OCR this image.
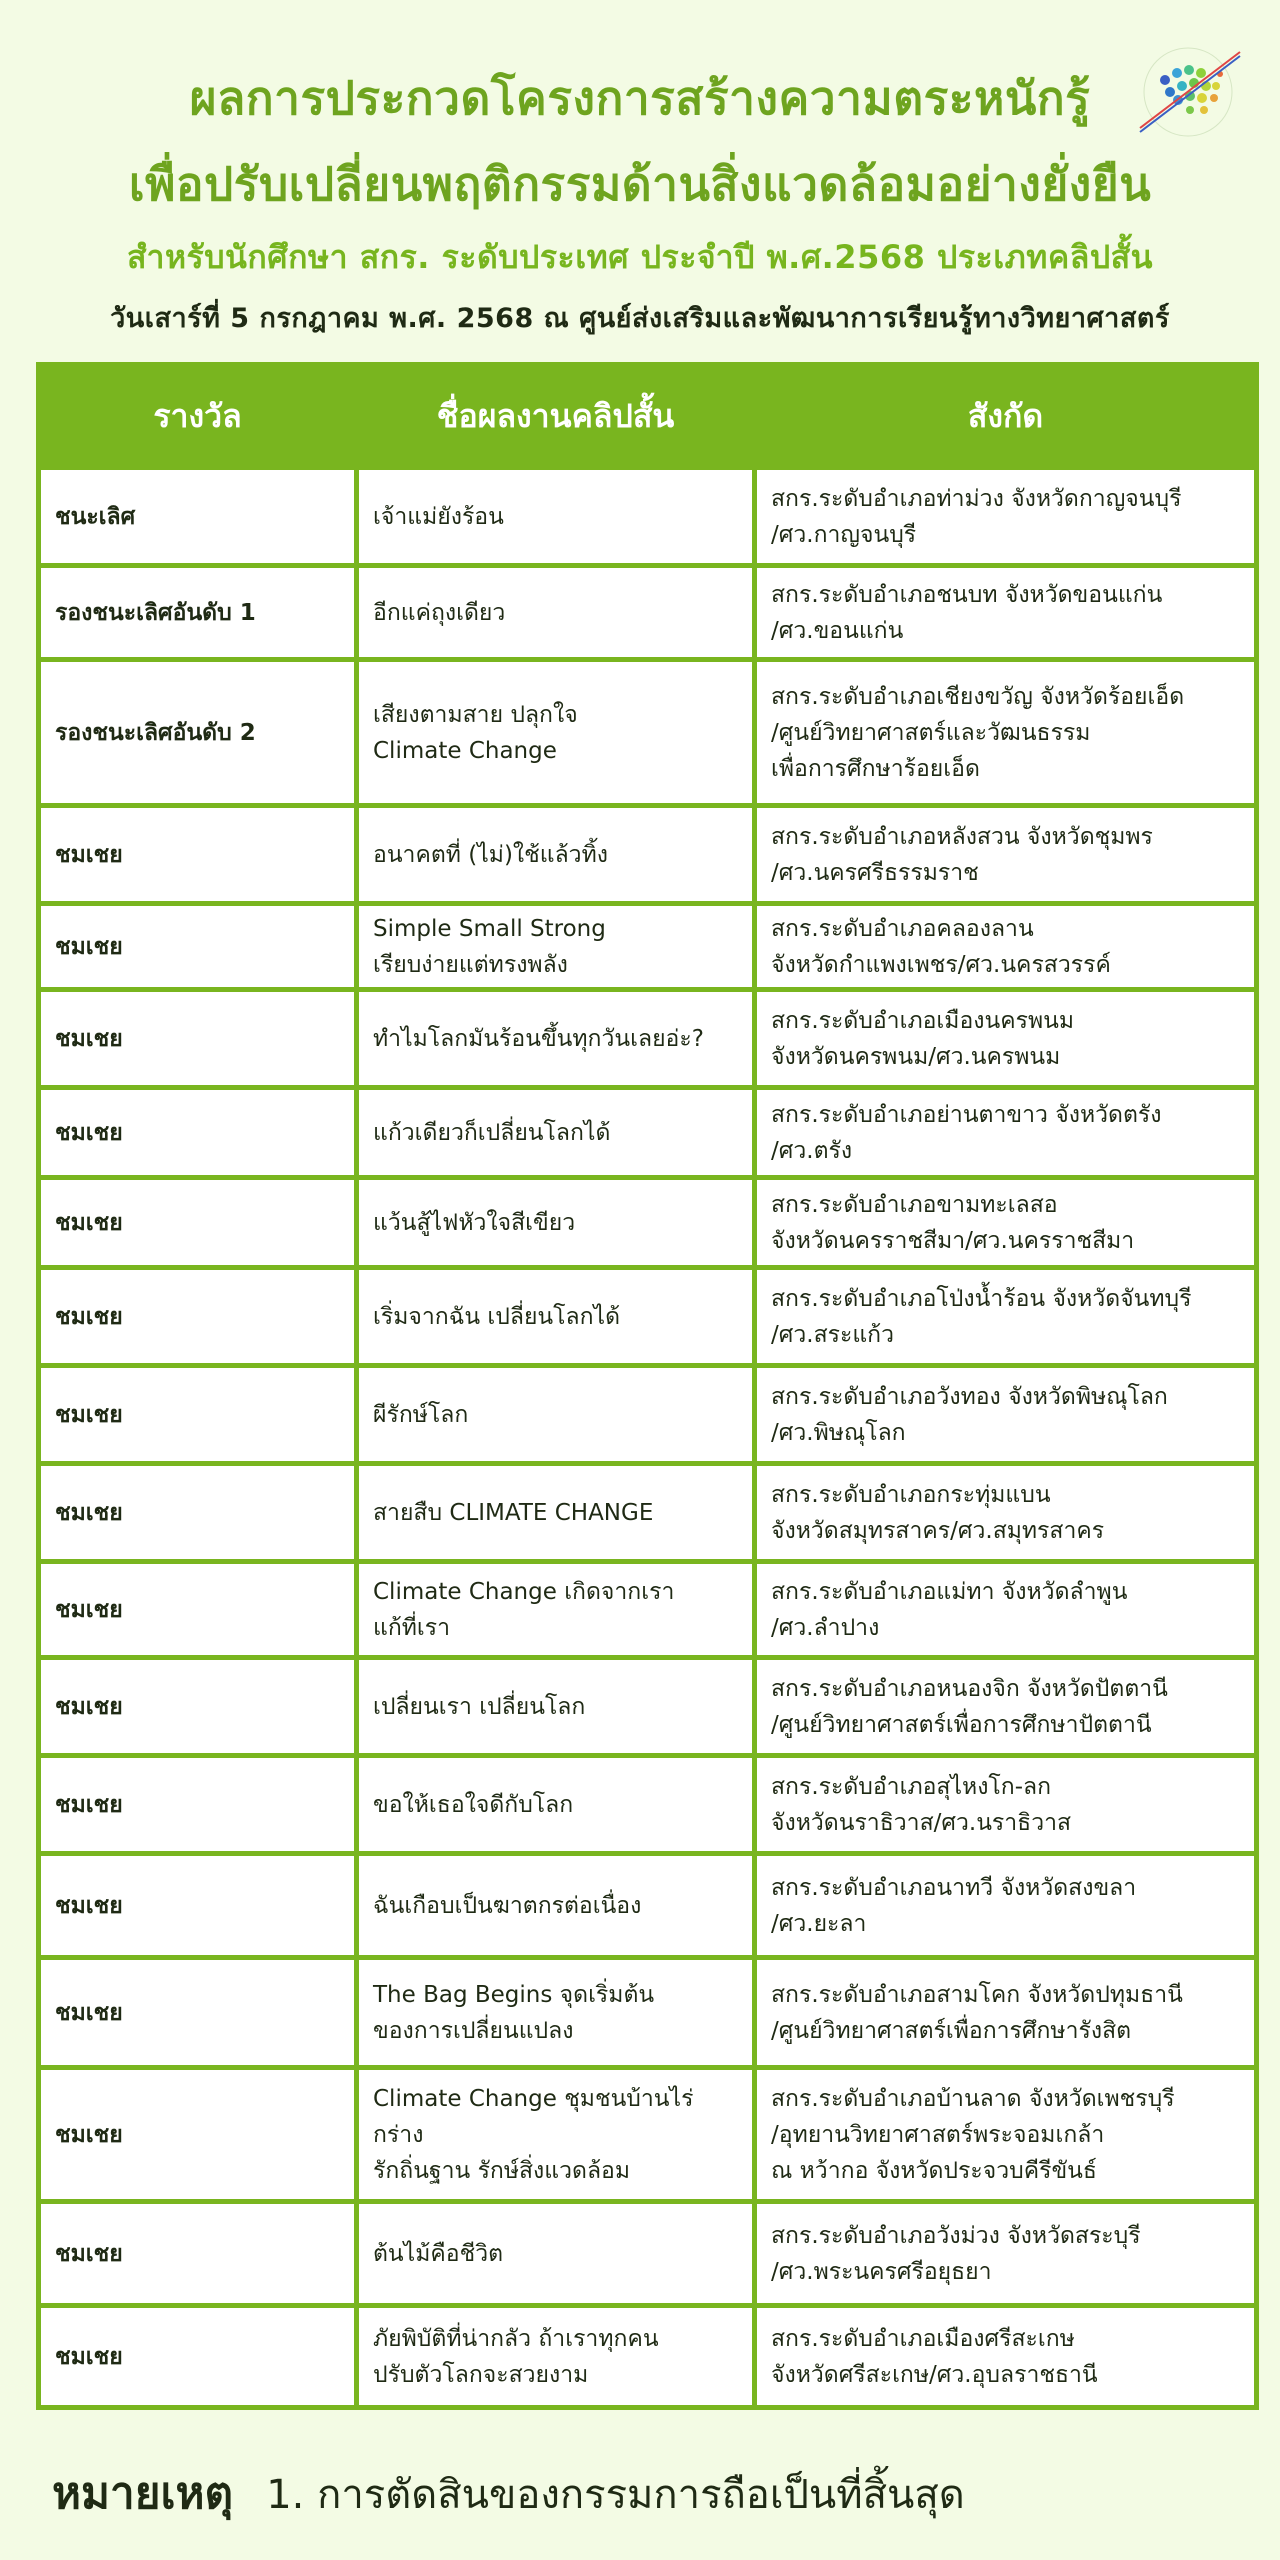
ผลการประกวดโครงการสร้างความตระหนักรู้
เพื่อปรับเปลี่ยนพฤติกรรมด้านสิ่งแวดล้อมอย่างยั่งยืน
สำหรับนักศึกษา สกร. ระดับประเทศ ประจำปี พ.ศ.2568 ประเภทคลิปสั้น
วันเสาร์ที่ 5 กรกฎาคม พ.ศ. 2568 ณ ศูนย์ส่งเสริมและพัฒนาการเรียนรู้ทางวิทยาศาสตร์
รางวัล	ชื่อผลงานคลิปสั้น	สังกัด
ชนะเลิศ	เจ้าแม่ยังร้อน	สกร.ระดับอำเภอท่าม่วง จังหวัดกาญจนบุรี
/ศว.กาญจนบุรี

รองชนะเลิศอันดับ 1	อีกแค่ถุงเดียว	สกร.ระดับอำเภอชนบท จังหวัดขอนแก่น
/ศว.ขอนแก่น

รองชนะเลิศอันดับ 2	เสียงตามสาย ปลุกใจ
Climate Change	สกร.ระดับอำเภอเชียงขวัญ จังหวัดร้อยเอ็ด
/ศูนย์วิทยาศาสตร์และวัฒนธรรม
เพื่อการศึกษาร้อยเอ็ด

ชมเชย	อนาคตที่ (ไม่)ใช้แล้วทิ้ง	สกร.ระดับอำเภอหลังสวน จังหวัดชุมพร
/ศว.นครศรีธรรมราช

ชมเชย	Simple Small Strong
เรียบง่ายแต่ทรงพลัง	สกร.ระดับอำเภอคลองลาน
จังหวัดกำแพงเพชร/ศว.นครสวรรค์

ชมเชย	ทำไมโลกมันร้อนขึ้นทุกวันเลยอ่ะ?	สกร.ระดับอำเภอเมืองนครพนม
จังหวัดนครพนม/ศว.นครพนม

ชมเชย	แก้วเดียวก็เปลี่ยนโลกได้	สกร.ระดับอำเภอย่านตาขาว จังหวัดตรัง
/ศว.ตรัง

ชมเชย	แว้นสู้ไฟหัวใจสีเขียว	สกร.ระดับอำเภอขามทะเลสอ
จังหวัดนครราชสีมา/ศว.นครราชสีมา

ชมเชย	เริ่มจากฉัน เปลี่ยนโลกได้	สกร.ระดับอำเภอโป่งน้ำร้อน จังหวัดจันทบุรี
/ศว.สระแก้ว

ชมเชย	ผีรักษ์โลก	สกร.ระดับอำเภอวังทอง จังหวัดพิษณุโลก
/ศว.พิษณุโลก

ชมเชย	สายสืบ CLIMATE CHANGE	สกร.ระดับอำเภอกระทุ่มแบน
จังหวัดสมุทรสาคร/ศว.สมุทรสาคร

ชมเชย	Climate Change เกิดจากเรา
แก้ที่เรา	สกร.ระดับอำเภอแม่ทา จังหวัดลำพูน
/ศว.ลำปาง

ชมเชย	เปลี่ยนเรา เปลี่ยนโลก	สกร.ระดับอำเภอหนองจิก จังหวัดปัตตานี
/ศูนย์วิทยาศาสตร์เพื่อการศึกษาปัตตานี

ชมเชย	ขอให้เธอใจดีกับโลก	สกร.ระดับอำเภอสุไหงโก-ลก
จังหวัดนราธิวาส/ศว.นราธิวาส

ชมเชย	ฉันเกือบเป็นฆาตกรต่อเนื่อง	สกร.ระดับอำเภอนาทวี จังหวัดสงขลา
/ศว.ยะลา

ชมเชย	The Bag Begins จุดเริ่มต้น
ของการเปลี่ยนแปลง	สกร.ระดับอำเภอสามโคก จังหวัดปทุมธานี
/ศูนย์วิทยาศาสตร์เพื่อการศึกษารังสิต

ชมเชย	Climate Change ชุมชนบ้านไร่กร่าง
รักถิ่นฐาน รักษ์สิ่งแวดล้อม	สกร.ระดับอำเภอบ้านลาด จังหวัดเพชรบุรี
/อุทยานวิทยาศาสตร์พระจอมเกล้า
ณ หว้ากอ จังหวัดประจวบคีรีขันธ์

ชมเชย	ต้นไม้คือชีวิต	สกร.ระดับอำเภอวังม่วง จังหวัดสระบุรี
/ศว.พระนครศรีอยุธยา

ชมเชย	ภัยพิบัติที่น่ากลัว ถ้าเราทุกคน
ปรับตัวโลกจะสวยงาม	สกร.ระดับอำเภอเมืองศรีสะเกษ
จังหวัดศรีสะเกษ/ศว.อุบลราชธานี
หมายเหตุ 1. การตัดสินของกรรมการถือเป็นที่สิ้นสุด
